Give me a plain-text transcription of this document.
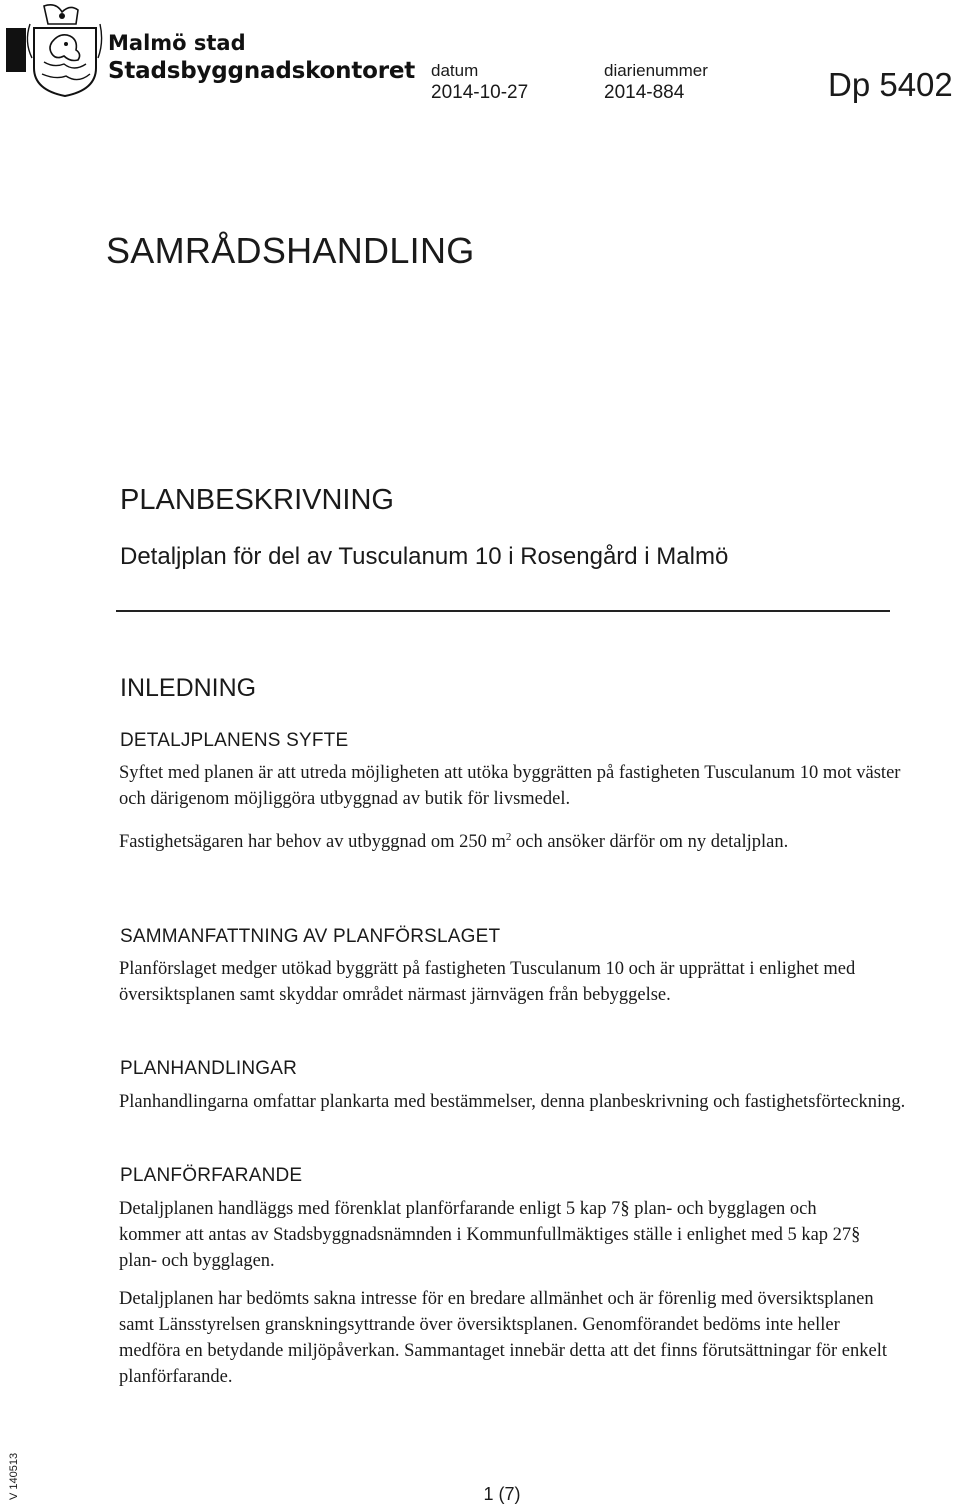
Malmö stad
Stadsbyggnadskontoret datum
2014-10-27
diarienummer
2014-884	Dp 5402
SAMRÅDSHANDLING
PLANBESKRIVNING
Detaljplan för del av Tusculanum 10 i Rosengård i Malmö
INLEDNING
DETALJPLANENS SYFTE

Syftet med planen är att utreda möjligheten att utöka byggrätten på fastigheten Tusculanum 10 mot väster och därigenom möjliggöra utbyggnad av butik för livsmedel.

Fastighetsägaren har behov av utbyggnad om 250 $m^2$ och ansöker därför om ny detaljplan.

SAMMANFATTNING AV PLANFÖRSLAGET

Planförslaget medger utökad byggrätt på fastigheten Tusculanum 10 och är upprättat i enlighet med översiktsplanen samt skyddar området närmast järnvägen från bebyggelse.

PLANHANDLINGAR

Planhandlingarna omfattar plankarta med bestämmelser, denna planbeskrivning och fastighetsförteckning.

PLANFÖRFARANDE

Detaljplanen handläggs med förenklat planförfarande enligt 5 kap 7§ plan- och bygglagen och kommer att antas av Stadsbyggnadsnämnden i Kommunfullmäktiges ställe i enlighet med 5 kap 27§ plan- och bygglagen.

Detaljplanen har bedömts sakna intresse för en bredare allmänhet och är förenlig med översiktsplanen samt Länsstyrelsen granskningsyttrande över översiktsplanen. Genomförandet bedöms inte heller medföra en betydande miljöpåverkan. Sammantaget innebär detta att det finns förutsättningar för enkelt planförfarande.

V 140513	1 (7)
